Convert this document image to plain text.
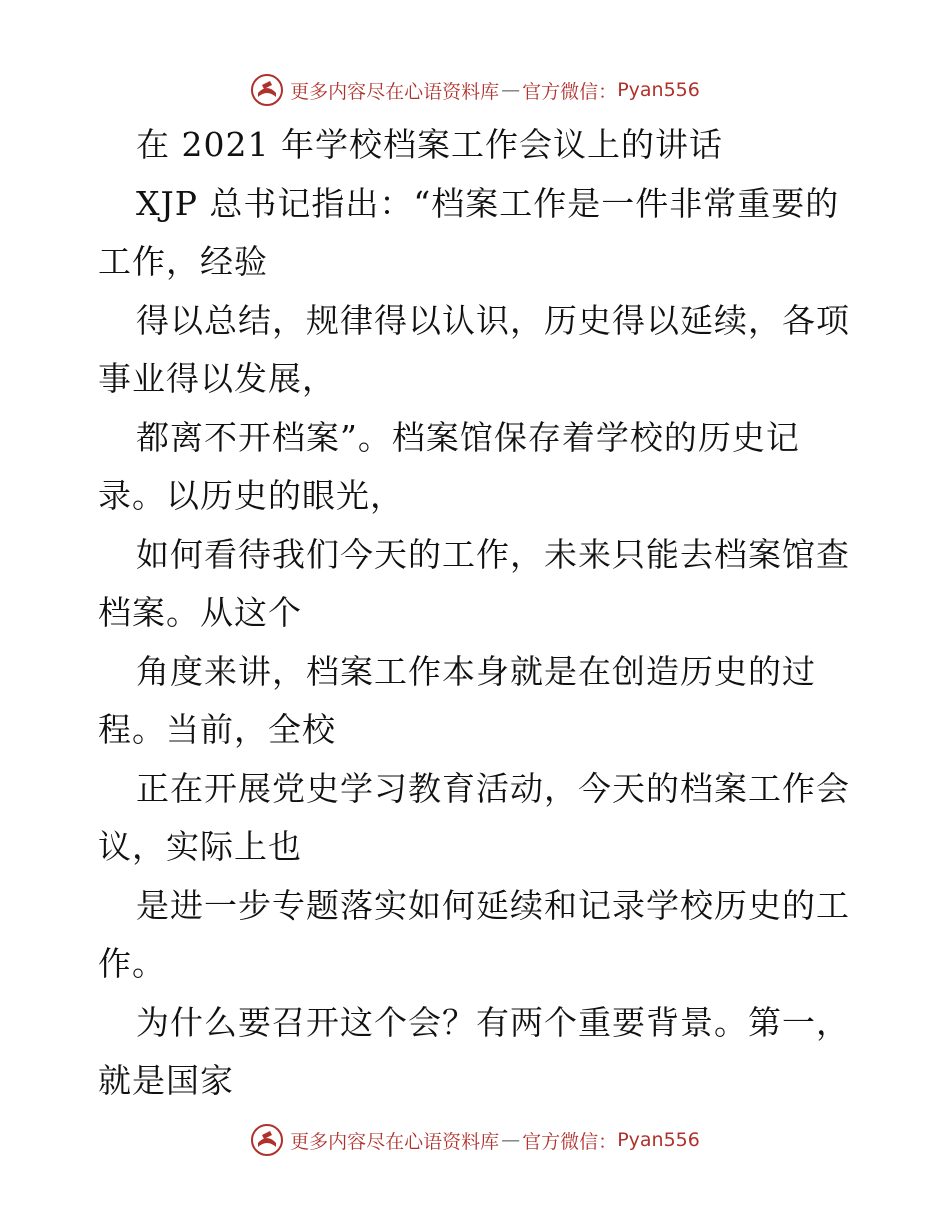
更多内容尽在心语资料库 — 官方微信： Pyan556
在 2021 年学校档案工作会议上的讲话
XJP 总书记指出：“档案工作是一件非常重要的
工作，经验
得以总结，规律得以认识，历史得以延续，各项
事业得以发展，
都离不开档案”。档案馆保存着学校的历史记
录。以历史的眼光，
如何看待我们今天的工作，未来只能去档案馆查
档案。从这个
角度来讲，档案工作本身就是在创造历史的过
程。当前，全校
正在开展党史学习教育活动，今天的档案工作会
议，实际上也
是进一步专题落实如何延续和记录学校历史的工
作。
为什么要召开这个会？有两个重要背景。第一，
就是国家
更多内容尽在心语资料库 — 官方微信： Pyan556
